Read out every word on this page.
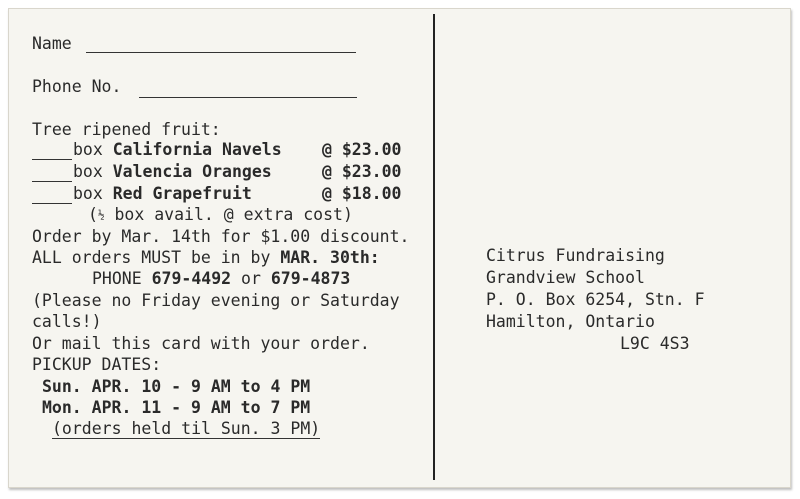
Name
Phone No.
Tree ripened fruit:
box California Navels @ $23.00
box Valencia Oranges	@ $23.00
box Red Grapefruit	@ $18.00
(½ box avail. @ extra cost)
Order by Mar. 14th for $1.00 discount.
ALL orders MUST be in by MAR. 30th:
PHONE 679-4492 or 679-4873
(Please no Friday evening or Saturday
calls!)
Or mail this card with your order.
PICKUP DATES:
Sun. APR. 10 - 9 AM to 4 PM
Mon. APR. 11 - 9 AM to 7 PM
(orders held til Sun. 3 PM)
Citrus Fundraising
Grandview School
P. O. Box 6254, Stn. F
Hamilton, Ontario
L9C 4S3
